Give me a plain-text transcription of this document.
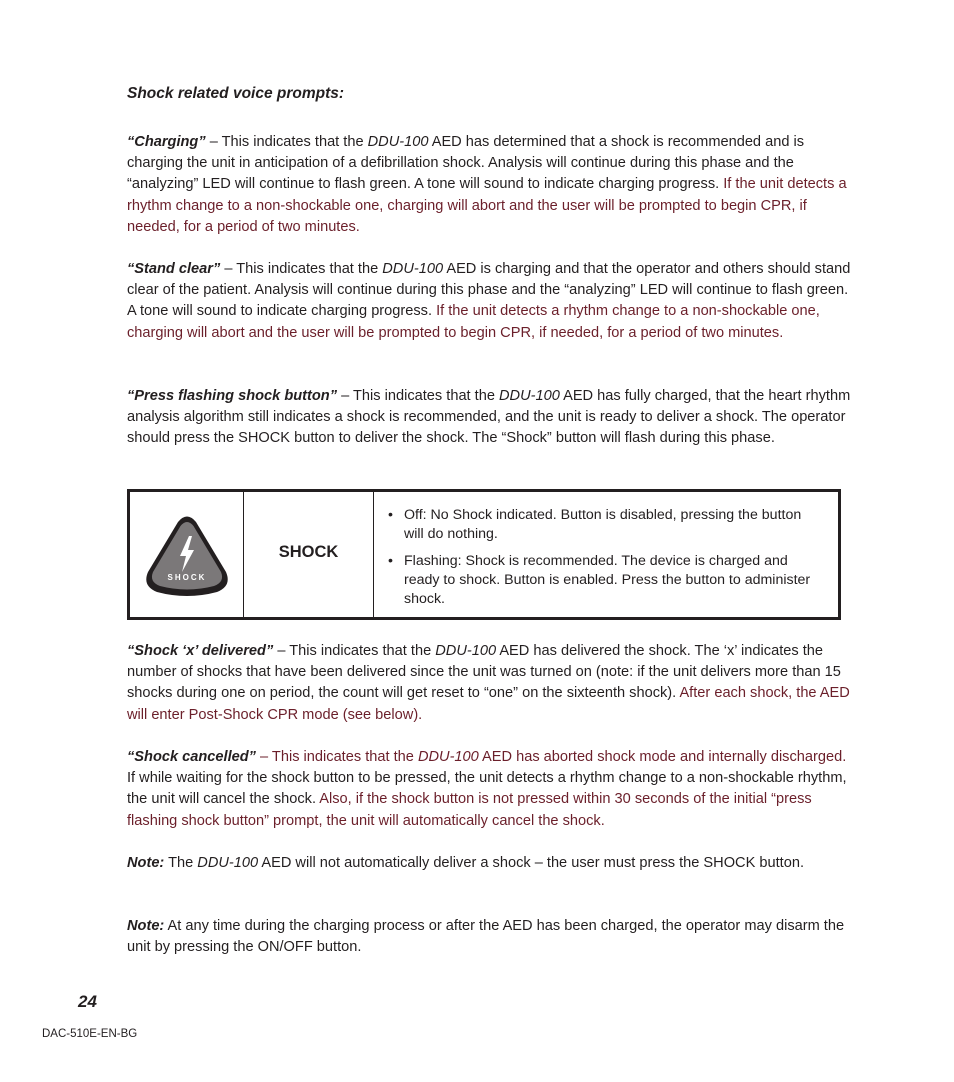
Shock related voice prompts:

“Charging” – This indicates that the DDU-100 AED has determined that a shock is recommended and is charging the unit in anticipation of a defibrillation shock. Analysis will continue during this phase and the “analyzing” LED will continue to flash green. A tone will sound to indicate charging progress. If the unit detects a rhythm change to a non-shockable one, charging will abort and the user will be prompted to begin CPR, if needed, for a period of two minutes.

“Stand clear” – This indicates that the DDU-100 AED is charging and that the operator and others should stand clear of the patient. Analysis will continue during this phase and the “analyzing” LED will continue to flash green. A tone will sound to indicate charging progress. If the unit detects a rhythm change to a non-shockable one, charging will abort and the user will be prompted to begin CPR, if needed, for a period of two minutes.

“Press flashing shock button” – This indicates that the DDU-100 AED has fully charged, that the heart rhythm analysis algorithm still indicates a shock is recommended, and the unit is ready to deliver a shock. The operator should press the SHOCK button to deliver the shock. The “Shock” button will flash during this phase.

SHOCK
SHOCK
• Off: No Shock indicated. Button is disabled, pressing the button will do nothing.
• Flashing: Shock is recommended. The device is charged and ready to shock. Button is enabled. Press the button to administer shock.

“Shock ‘x’ delivered” – This indicates that the DDU-100 AED has delivered the shock. The ‘x’ indicates the number of shocks that have been delivered since the unit was turned on (note: if the unit delivers more than 15 shocks during one on period, the count will get reset to “one” on the sixteenth shock). After each shock, the AED will enter Post-Shock CPR mode (see below).

“Shock cancelled” – This indicates that the DDU-100 AED has aborted shock mode and internally discharged. If while waiting for the shock button to be pressed, the unit detects a rhythm change to a non-shockable rhythm, the unit will cancel the shock. Also, if the shock button is not pressed within 30 seconds of the initial “press flashing shock button” prompt, the unit will automatically cancel the shock.

Note: The DDU-100 AED will not automatically deliver a shock – the user must press the SHOCK button.

Note: At any time during the charging process or after the AED has been charged, the operator may disarm the unit by pressing the ON/OFF button.

24
DAC-510E-EN-BG
